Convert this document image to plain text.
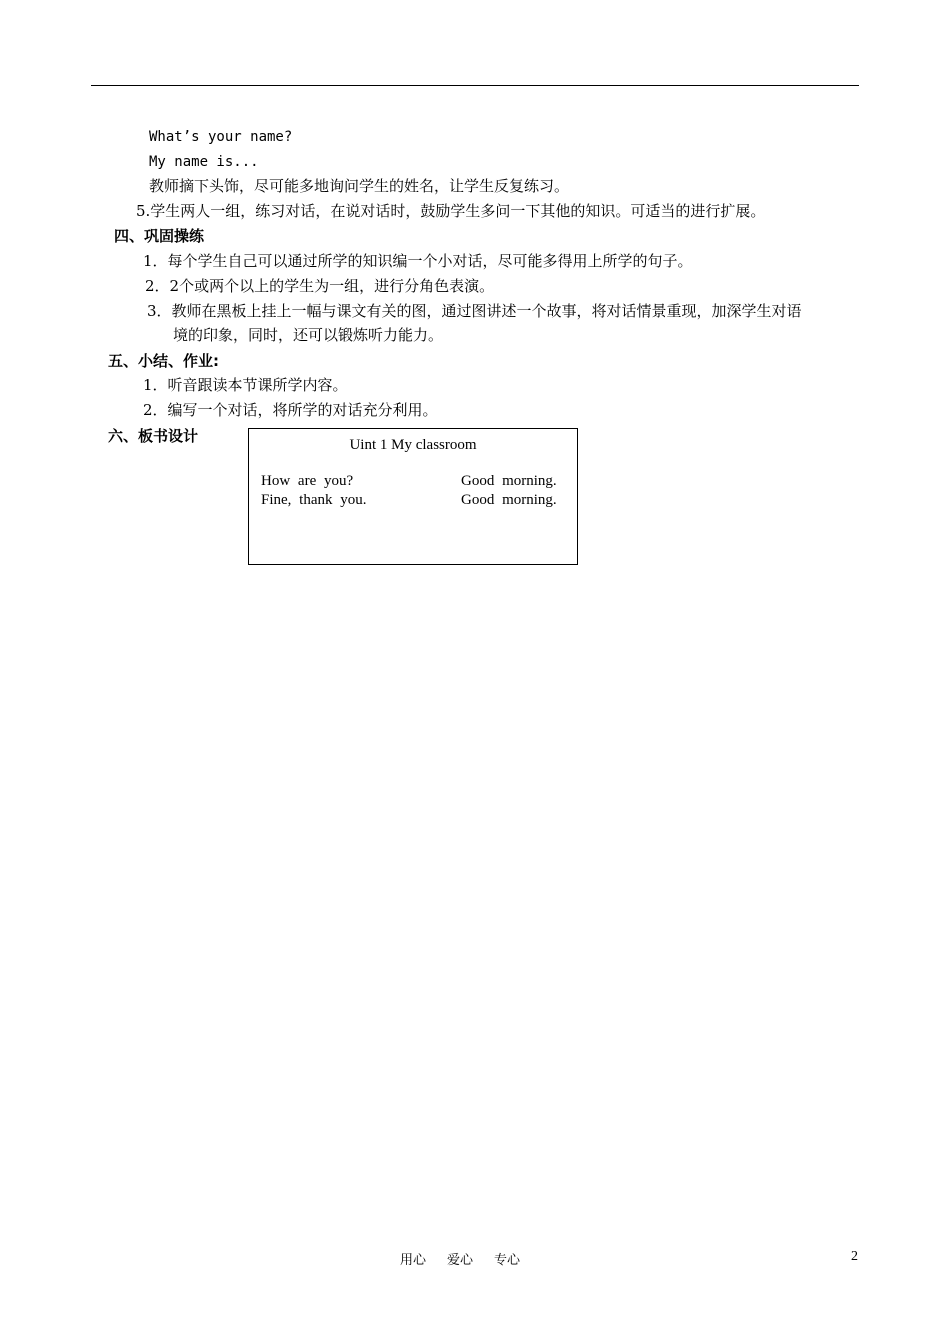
What’s your name?
My name is...
教师摘下头饰，尽可能多地询问学生的姓名，让学生反复练习。
5.学生两人一组，练习对话，在说对话时，鼓励学生多问一下其他的知识。可适当的进行扩展。
四、巩固操练
1．每个学生自己可以通过所学的知识编一个小对话，尽可能多得用上所学的句子。
2．2个或两个以上的学生为一组，进行分角色表演。
3．教师在黑板上挂上一幅与课文有关的图，通过图讲述一个故事，将对话情景重现，加深学生对语
境的印象，同时，还可以锻炼听力能力。
五、小结、作业:
1．听音跟读本节课所学内容。
2．编写一个对话，将所学的对话充分利用。
六、板书设计	Uint 1 My classroom
How are you?
Fine, thank you.
Good morning.
Good morning.
用心 爱心 专心	2
